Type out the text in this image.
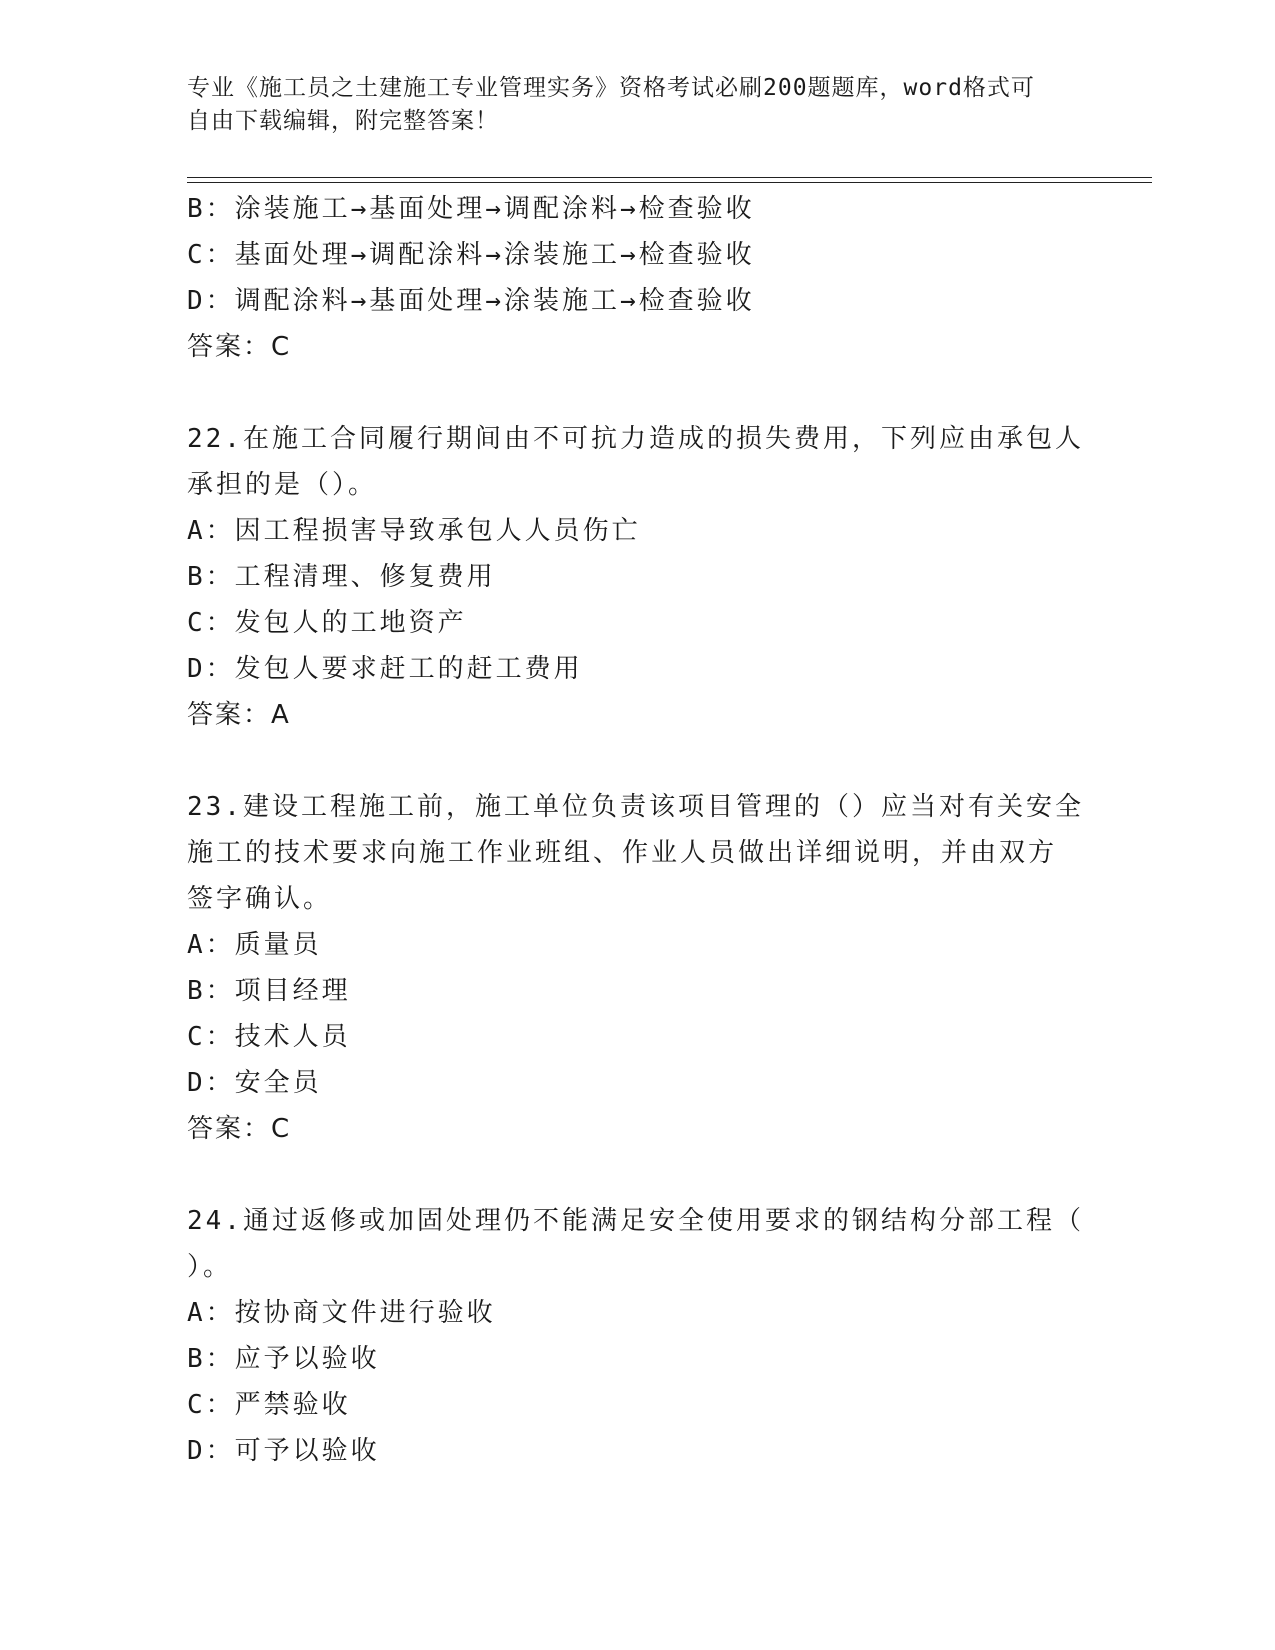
专业《施工员之土建施工专业管理实务》资格考试必刷200题题库，word格式可
自由下载编辑，附完整答案！
B：涂装施工→基面处理→调配涂料→检查验收
C：基面处理→调配涂料→涂装施工→检查验收
D：调配涂料→基面处理→涂装施工→检查验收
答案：C
22.在施工合同履行期间由不可抗力造成的损失费用，下列应由承包人
承担的是（）。
A：因工程损害导致承包人人员伤亡
B：工程清理、修复费用
C：发包人的工地资产
D：发包人要求赶工的赶工费用
答案：A
23.建设工程施工前，施工单位负责该项目管理的（）应当对有关安全
施工的技术要求向施工作业班组、作业人员做出详细说明，并由双方
签字确认。
A：质量员
B：项目经理
C：技术人员
D：安全员
答案：C
24.通过返修或加固处理仍不能满足安全使用要求的钢结构分部工程（
）。
A：按协商文件进行验收
B：应予以验收
C：严禁验收
D：可予以验收
